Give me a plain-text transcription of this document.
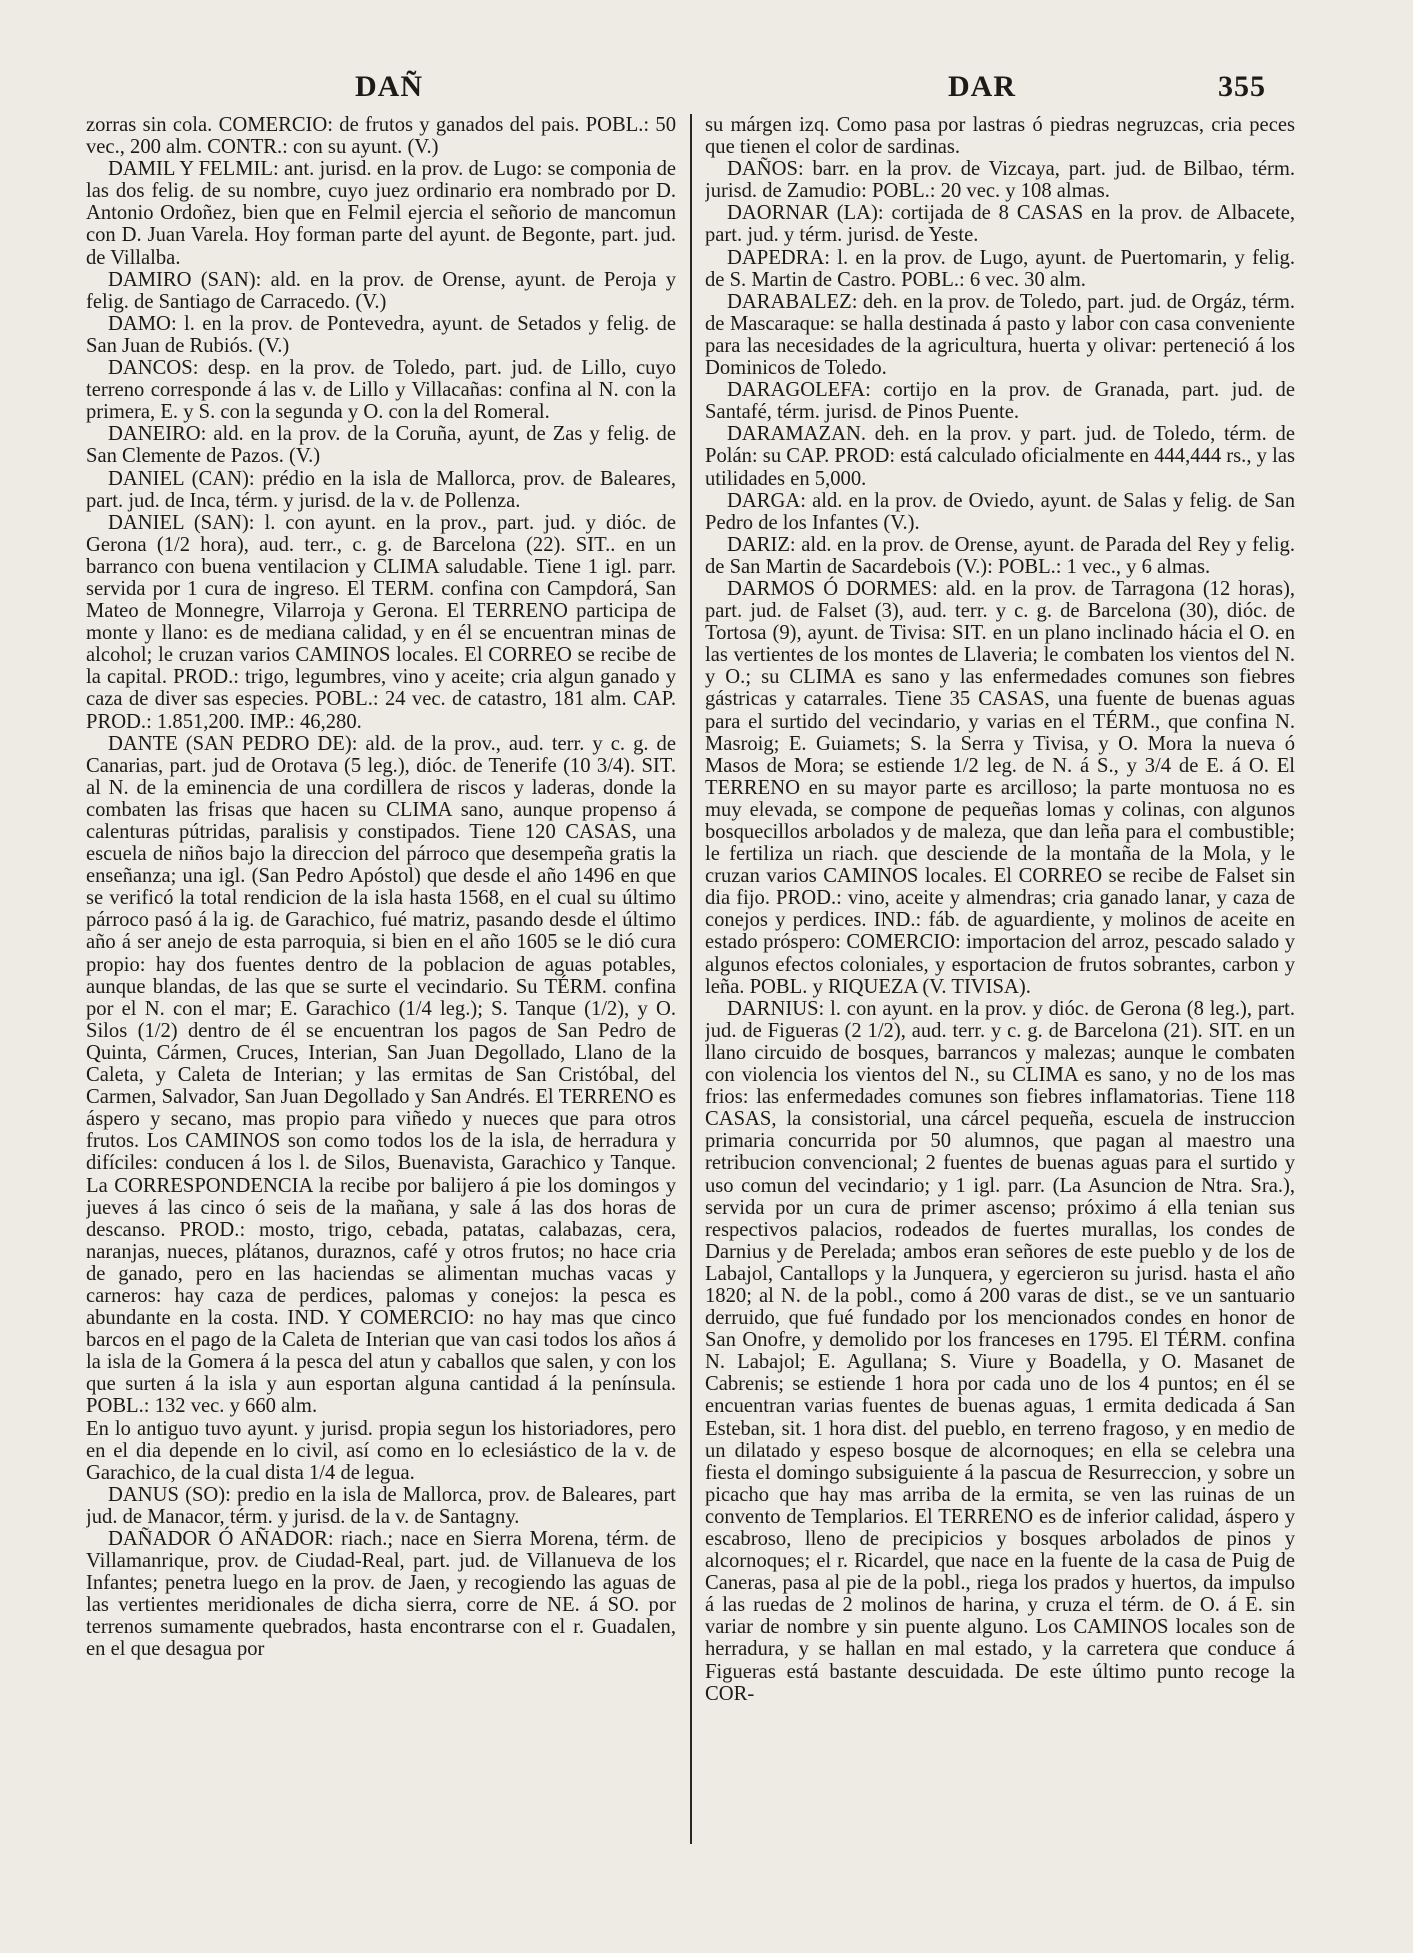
DAÑ	DAR	355

zorras sin cola. COMERCIO: de frutos y ganados del pais. POBL.: 50 vec., 200 alm. CONTR.: con su ayunt. (V.)

DAMIL Y FELMIL: ant. jurisd. en la prov. de Lugo: se componia de las dos felig. de su nombre, cuyo juez ordinario era nombrado por D. Antonio Ordoñez, bien que en Felmil ejercia el señorio de mancomun con D. Juan Varela. Hoy forman parte del ayunt. de Begonte, part. jud. de Villalba.

DAMIRO (SAN): ald. en la prov. de Orense, ayunt. de Peroja y felig. de Santiago de Carracedo. (V.)

DAMO: l. en la prov. de Pontevedra, ayunt. de Setados y felig. de San Juan de Rubiós. (V.)

DANCOS: desp. en la prov. de Toledo, part. jud. de Lillo, cuyo terreno corresponde á las v. de Lillo y Villacañas: confina al N. con la primera, E. y S. con la segunda y O. con la del Romeral.

DANEIRO: ald. en la prov. de la Coruña, ayunt, de Zas y felig. de San Clemente de Pazos. (V.)

DANIEL (CAN): prédio en la isla de Mallorca, prov. de Baleares, part. jud. de Inca, térm. y jurisd. de la v. de Pollenza.

DANIEL (SAN): l. con ayunt. en la prov., part. jud. y dióc. de Gerona (1/2 hora), aud. terr., c. g. de Barcelona (22). SIT.. en un barranco con buena ventilacion y CLIMA saludable. Tiene 1 igl. parr. servida por 1 cura de ingreso. El TERM. confina con Campdorá, San Mateo de Monnegre, Vilarroja y Gerona. El TERRENO participa de monte y llano: es de mediana calidad, y en él se encuentran minas de alcohol; le cruzan varios CAMINOS locales. El CORREO se recibe de la capital. PROD.: trigo, legumbres, vino y aceite; cria algun ganado y caza de diver sas especies. POBL.: 24 vec. de catastro, 181 alm. CAP. PROD.: 1.851,200. IMP.: 46,280.

DANTE (SAN PEDRO DE): ald. de la prov., aud. terr. y c. g. de Canarias, part. jud de Orotava (5 leg.), dióc. de Tenerife (10 3/4). SIT. al N. de la eminencia de una cordillera de riscos y laderas, donde la combaten las frisas que hacen su CLIMA sano, aunque propenso á calenturas pútridas, paralisis y constipados. Tiene 120 CASAS, una escuela de niños bajo la direccion del párroco que desempeña gratis la enseñanza; una igl. (San Pedro Apóstol) que desde el año 1496 en que se verificó la total rendicion de la isla hasta 1568, en el cual su último párroco pasó á la ig. de Garachico, fué matriz, pasando desde el último año á ser anejo de esta parroquia, si bien en el año 1605 se le dió cura propio: hay dos fuentes dentro de la poblacion de aguas potables, aunque blandas, de las que se surte el vecindario. Su TÉRM. confina por el N. con el mar; E. Garachico (1/4 leg.); S. Tanque (1/2), y O. Silos (1/2) dentro de él se encuentran los pagos de San Pedro de Quinta, Cármen, Cruces, Interian, San Juan Degollado, Llano de la Caleta, y Caleta de Interian; y las ermitas de San Cristóbal, del Carmen, Salvador, San Juan Degollado y San Andrés. El TERRENO es áspero y secano, mas propio para viñedo y nueces que para otros frutos. Los CAMINOS son como todos los de la isla, de herradura y difíciles: conducen á los l. de Silos, Buenavista, Garachico y Tanque. La CORRESPONDENCIA la recibe por balijero á pie los domingos y jueves á las cinco ó seis de la mañana, y sale á las dos horas de descanso. PROD.: mosto, trigo, cebada, patatas, calabazas, cera, naranjas, nueces, plátanos, duraznos, café y otros frutos; no hace cria de ganado, pero en las haciendas se alimentan muchas vacas y carneros: hay caza de perdices, palomas y conejos: la pesca es abundante en la costa. IND. Y COMERCIO: no hay mas que cinco barcos en el pago de la Caleta de Interian que van casi todos los años á la isla de la Gomera á la pesca del atun y caballos que salen, y con los que surten á la isla y aun esportan alguna cantidad á la península. POBL.: 132 vec. y 660 alm.

En lo antiguo tuvo ayunt. y jurisd. propia segun los historiadores, pero en el dia depende en lo civil, así como en lo eclesiástico de la v. de Garachico, de la cual dista 1/4 de legua.

DANUS (SO): predio en la isla de Mallorca, prov. de Baleares, part jud. de Manacor, térm. y jurisd. de la v. de Santagny.

DAÑADOR Ó AÑADOR: riach.; nace en Sierra Morena, térm. de Villamanrique, prov. de Ciudad-Real, part. jud. de Villanueva de los Infantes; penetra luego en la prov. de Jaen, y recogiendo las aguas de las vertientes meridionales de dicha sierra, corre de NE. á SO. por terrenos sumamente quebrados, hasta encontrarse con el r. Guadalen, en el que desagua por

su márgen izq. Como pasa por lastras ó piedras negruzcas, cria peces que tienen el color de sardinas.

DAÑOS: barr. en la prov. de Vizcaya, part. jud. de Bilbao, térm. jurisd. de Zamudio: POBL.: 20 vec. y 108 almas.

DAORNAR (LA): cortijada de 8 CASAS en la prov. de Albacete, part. jud. y térm. jurisd. de Yeste.

DAPEDRA: l. en la prov. de Lugo, ayunt. de Puertomarin, y felig. de S. Martin de Castro. POBL.: 6 vec. 30 alm.

DARABALEZ: deh. en la prov. de Toledo, part. jud. de Orgáz, térm. de Mascaraque: se halla destinada á pasto y labor con casa conveniente para las necesidades de la agricultura, huerta y olivar: perteneció á los Dominicos de Toledo.

DARAGOLEFA: cortijo en la prov. de Granada, part. jud. de Santafé, térm. jurisd. de Pinos Puente.

DARAMAZAN. deh. en la prov. y part. jud. de Toledo, térm. de Polán: su CAP. PROD: está calculado oficialmente en 444,444 rs., y las utilidades en 5,000.

DARGA: ald. en la prov. de Oviedo, ayunt. de Salas y felig. de San Pedro de los Infantes (V.).

DARIZ: ald. en la prov. de Orense, ayunt. de Parada del Rey y felig. de San Martin de Sacardebois (V.): POBL.: 1 vec., y 6 almas.

DARMOS Ó DORMES: ald. en la prov. de Tarragona (12 horas), part. jud. de Falset (3), aud. terr. y c. g. de Barcelona (30), dióc. de Tortosa (9), ayunt. de Tivisa: SIT. en un plano inclinado hácia el O. en las vertientes de los montes de Llaveria; le combaten los vientos del N. y O.; su CLIMA es sano y las enfermedades comunes son fiebres gástricas y catarrales. Tiene 35 CASAS, una fuente de buenas aguas para el surtido del vecindario, y varias en el TÉRM., que confina N. Masroig; E. Guiamets; S. la Serra y Tivisa, y O. Mora la nueva ó Masos de Mora; se estiende 1/2 leg. de N. á S., y 3/4 de E. á O. El TERRENO en su mayor parte es arcilloso; la parte montuosa no es muy elevada, se compone de pequeñas lomas y colinas, con algunos bosquecillos arbolados y de maleza, que dan leña para el combustible; le fertiliza un riach. que desciende de la montaña de la Mola, y le cruzan varios CAMINOS locales. El CORREO se recibe de Falset sin dia fijo. PROD.: vino, aceite y almendras; cria ganado lanar, y caza de conejos y perdices. IND.: fáb. de aguardiente, y molinos de aceite en estado próspero: COMERCIO: importacion del arroz, pescado salado y algunos efectos coloniales, y esportacion de frutos sobrantes, carbon y leña. POBL. y RIQUEZA (V. TIVISA).

DARNIUS: l. con ayunt. en la prov. y dióc. de Gerona (8 leg.), part. jud. de Figueras (2 1/2), aud. terr. y c. g. de Barcelona (21). SIT. en un llano circuido de bosques, barrancos y malezas; aunque le combaten con violencia los vientos del N., su CLIMA es sano, y no de los mas frios: las enfermedades comunes son fiebres inflamatorias. Tiene 118 CASAS, la consistorial, una cárcel pequeña, escuela de instruccion primaria concurrida por 50 alumnos, que pagan al maestro una retribucion convencional; 2 fuentes de buenas aguas para el surtido y uso comun del vecindario; y 1 igl. parr. (La Asuncion de Ntra. Sra.), servida por un cura de primer ascenso; próximo á ella tenian sus respectivos palacios, rodeados de fuertes murallas, los condes de Darnius y de Perelada; ambos eran señores de este pueblo y de los de Labajol, Cantallops y la Junquera, y egercieron su jurisd. hasta el año 1820; al N. de la pobl., como á 200 varas de dist., se ve un santuario derruido, que fué fundado por los mencionados condes en honor de San Onofre, y demolido por los franceses en 1795. El TÉRM. confina N. Labajol; E. Agullana; S. Viure y Boadella, y O. Masanet de Cabrenis; se estiende 1 hora por cada uno de los 4 puntos; en él se encuentran varias fuentes de buenas aguas, 1 ermita dedicada á San Esteban, sit. 1 hora dist. del pueblo, en terreno fragoso, y en medio de un dilatado y espeso bosque de alcornoques; en ella se celebra una fiesta el domingo subsiguiente á la pascua de Resurreccion, y sobre un picacho que hay mas arriba de la ermita, se ven las ruinas de un convento de Templarios. El TERRENO es de inferior calidad, áspero y escabroso, lleno de precipicios y bosques arbolados de pinos y alcornoques; el r. Ricardel, que nace en la fuente de la casa de Puig de Caneras, pasa al pie de la pobl., riega los prados y huertos, da impulso á las ruedas de 2 molinos de harina, y cruza el térm. de O. á E. sin variar de nombre y sin puente alguno. Los CAMINOS locales son de herradura, y se hallan en mal estado, y la carretera que conduce á Figueras está bastante descuidada. De este último punto recoge la COR-
